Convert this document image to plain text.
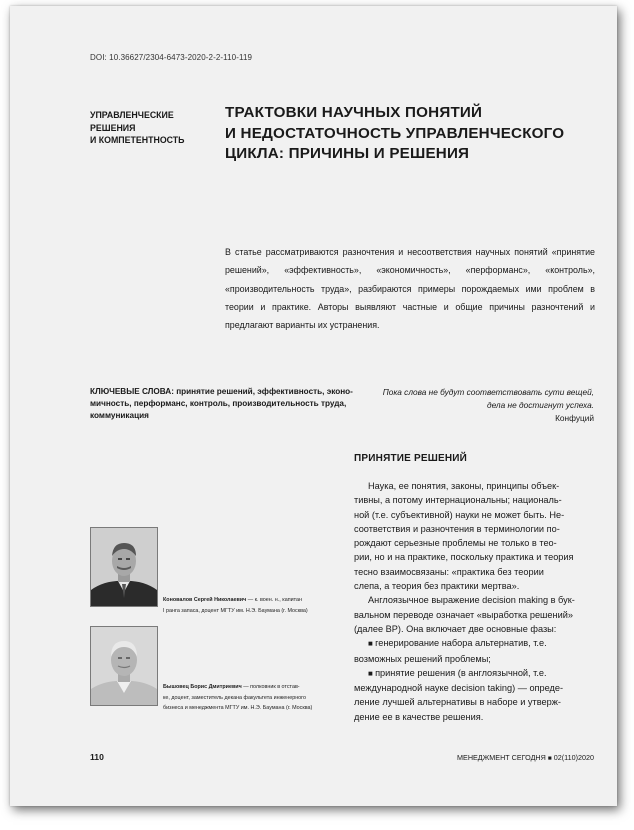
DOI: 10.36627/2304-6473-2020-2-2-110-119
УПРАВЛЕНЧЕСКИЕ
РЕШЕНИЯ
И КОМПЕТЕНТНОСТЬ
ТРАКТОВКИ НАУЧНЫХ ПОНЯТИЙ
И НЕДОСТАТОЧНОСТЬ УПРАВЛЕНЧЕСКОГО
ЦИКЛА: ПРИЧИНЫ И РЕШЕНИЯ
В статье рассматриваются разночтения и несоответствия научных понятий «принятие решений», «эффективность», «экономичность», «перформанс», «контроль», «производительность труда», разбираются примеры порождаемых ими проблем в теории и практике. Авторы выявляют частные и общие причины разночтений и предлагают варианты их устранения.
КЛЮЧЕВЫЕ СЛОВА: принятие решений, эффективность, эконо-
мичность, перформанс, контроль, производительность труда,
коммуникация
Пока слова не будут соответствовать сути вещей,
дела не достигнут успеха.
Конфуций
ПРИНЯТИЕ РЕШЕНИЙ
Наука, ее понятия, законы, принципы объек-
тивны, а потому интернациональны; националь-
ной (т.е. субъективной) науки не может быть. Не-
соответствия и разночтения в терминологии по-
рождают серьезные проблемы не только в тео-
рии, но и на практике, поскольку практика и теория
тесно взаимосвязаны: «практика без теории
слепа, а теория без практики мертва».
Англоязычное выражение decision making в бук-
вальном переводе означает «выработка решений»
(далее ВР). Она включает две основные фазы:
■ генерирование набора альтернатив, т.е.
возможных решений проблемы;
■ принятие решения (в англоязычной, т.е.
международной науке decision taking) — опреде-
ление лучшей альтернативы в наборе и утверж-
дение ее в качестве решения.
Коновалов Сергей Николаевич — к. воен. н., капитан
I ранга запаса, доцент МГТУ им. Н.Э. Баумана (г. Москва)
Бышовец Борис Дмитриевич — полковник в отстав-
ке, доцент, заместитель декана факультета инженерного
бизнеса и менеджмента МГТУ им. Н.Э. Баумана (г. Москва)
110	МЕНЕДЖМЕНТ СЕГОДНЯ ■ 02(110)2020
